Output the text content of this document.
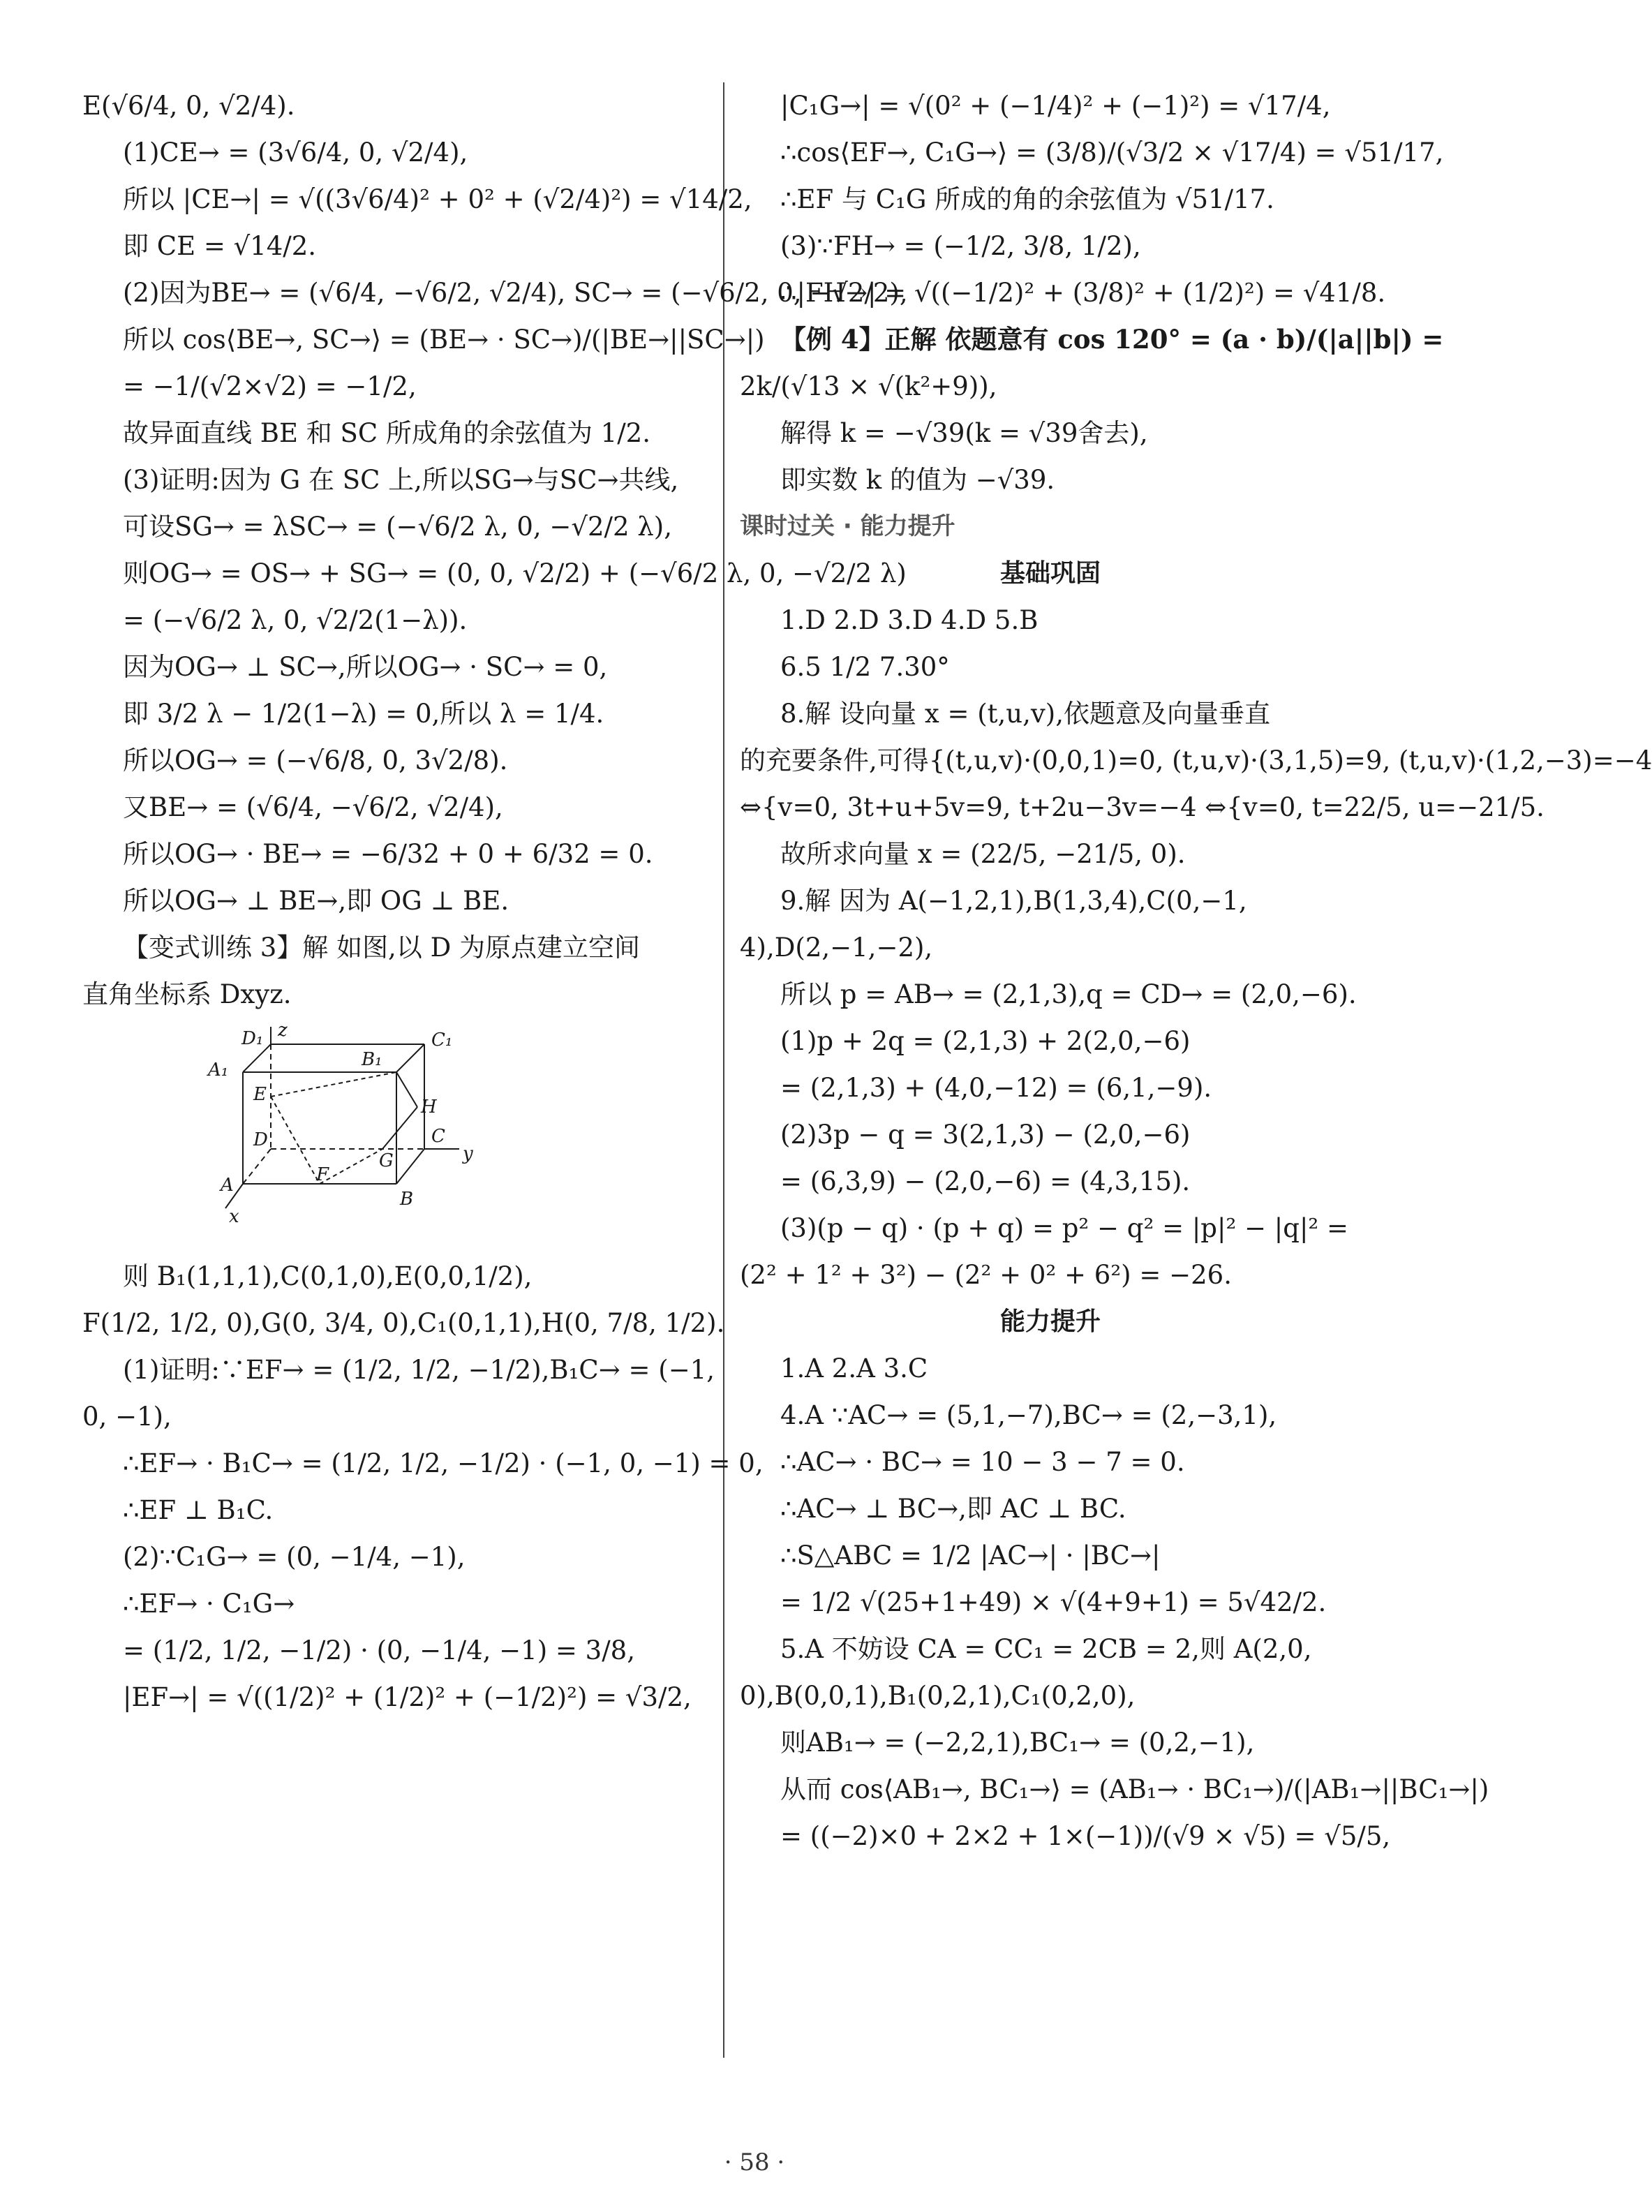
E(√6/4, 0, √2/4).
(1)CE→ = (3√6/4, 0, √2/4),
所以 |CE→| = √((3√6/4)² + 0² + (√2/4)²) = √14/2,
即 CE = √14/2.
(2)因为BE→ = (√6/4, −√6/2, √2/4), SC→ = (−√6/2, 0, −√2/2),
所以 cos⟨BE→, SC→⟩ = (BE→ · SC→)/(|BE→||SC→|)
= −1/(√2×√2) = −1/2,
故异面直线 BE 和 SC 所成角的余弦值为 1/2.
(3)证明:因为 G 在 SC 上,所以SG→与SC→共线,
可设SG→ = λSC→ = (−√6/2 λ, 0, −√2/2 λ),
则OG→ = OS→ + SG→ = (0, 0, √2/2) + (−√6/2 λ, 0, −√2/2 λ)
= (−√6/2 λ, 0, √2/2(1−λ)).
因为OG→ ⊥ SC→,所以OG→ · SC→ = 0,
即 3/2 λ − 1/2(1−λ) = 0,所以 λ = 1/4.
所以OG→ = (−√6/8, 0, 3√2/8).
又BE→ = (√6/4, −√6/2, √2/4),
所以OG→ · BE→ = −6/32 + 0 + 6/32 = 0.
所以OG→ ⊥ BE→,即 OG ⊥ BE.
【变式训练 3】解 如图,以 D 为原点建立空间
直角坐标系 Dxyz.
z
D₁	C₁
B₁
A₁
E
H
D	C
G
F
A
B
y
x
则 B₁(1,1,1),C(0,1,0),E(0,0,1/2),
F(1/2, 1/2, 0),G(0, 3/4, 0),C₁(0,1,1),H(0, 7/8, 1/2).
(1)证明:∵EF→ = (1/2, 1/2, −1/2),B₁C→ = (−1,
0, −1),
∴EF→ · B₁C→ = (1/2, 1/2, −1/2) · (−1, 0, −1) = 0,
∴EF ⊥ B₁C.
(2)∵C₁G→ = (0, −1/4, −1),
∴EF→ · C₁G→
= (1/2, 1/2, −1/2) · (0, −1/4, −1) = 3/8,
|EF→| = √((1/2)² + (1/2)² + (−1/2)²) = √3/2,
|C₁G→| = √(0² + (−1/4)² + (−1)²) = √17/4,
∴cos⟨EF→, C₁G→⟩ = (3/8)/(√3/2 × √17/4) = √51/17,
∴EF 与 C₁G 所成的角的余弦值为 √51/17.
(3)∵FH→ = (−1/2, 3/8, 1/2),
∴|FH→| = √((−1/2)² + (3/8)² + (1/2)²) = √41/8.
【例 4】正解 依题意有 cos 120° = (a · b)/(|a||b|) =
2k/(√13 × √(k²+9)),
解得 k = −√39(k = √39舍去),
即实数 k 的值为 −√39.
课时过关 · 能力提升
基础巩固
1.D 2.D 3.D 4.D 5.B
6.5 1/2 7.30°
8.解 设向量 x = (t,u,v),依题意及向量垂直
的充要条件,可得{(t,u,v)·(0,0,1)=0, (t,u,v)·(3,1,5)=9, (t,u,v)·(1,2,−3)=−4
⇔{v=0, 3t+u+5v=9, t+2u−3v=−4 ⇔{v=0, t=22/5, u=−21/5.
故所求向量 x = (22/5, −21/5, 0).
9.解 因为 A(−1,2,1),B(1,3,4),C(0,−1,
4),D(2,−1,−2),
所以 p = AB→ = (2,1,3),q = CD→ = (2,0,−6).
(1)p + 2q = (2,1,3) + 2(2,0,−6)
= (2,1,3) + (4,0,−12) = (6,1,−9).
(2)3p − q = 3(2,1,3) − (2,0,−6)
= (6,3,9) − (2,0,−6) = (4,3,15).
(3)(p − q) · (p + q) = p² − q² = |p|² − |q|² =
(2² + 1² + 3²) − (2² + 0² + 6²) = −26.
能力提升
1.A 2.A 3.C
4.A ∵AC→ = (5,1,−7),BC→ = (2,−3,1),
∴AC→ · BC→ = 10 − 3 − 7 = 0.
∴AC→ ⊥ BC→,即 AC ⊥ BC.
∴S△ABC = 1/2 |AC→| · |BC→|
= 1/2 √(25+1+49) × √(4+9+1) = 5√42/2.
5.A 不妨设 CA = CC₁ = 2CB = 2,则 A(2,0,
0),B(0,0,1),B₁(0,2,1),C₁(0,2,0),
则AB₁→ = (−2,2,1),BC₁→ = (0,2,−1),
从而 cos⟨AB₁→, BC₁→⟩ = (AB₁→ · BC₁→)/(|AB₁→||BC₁→|)
= ((−2)×0 + 2×2 + 1×(−1))/(√9 × √5) = √5/5,
· 58 ·
